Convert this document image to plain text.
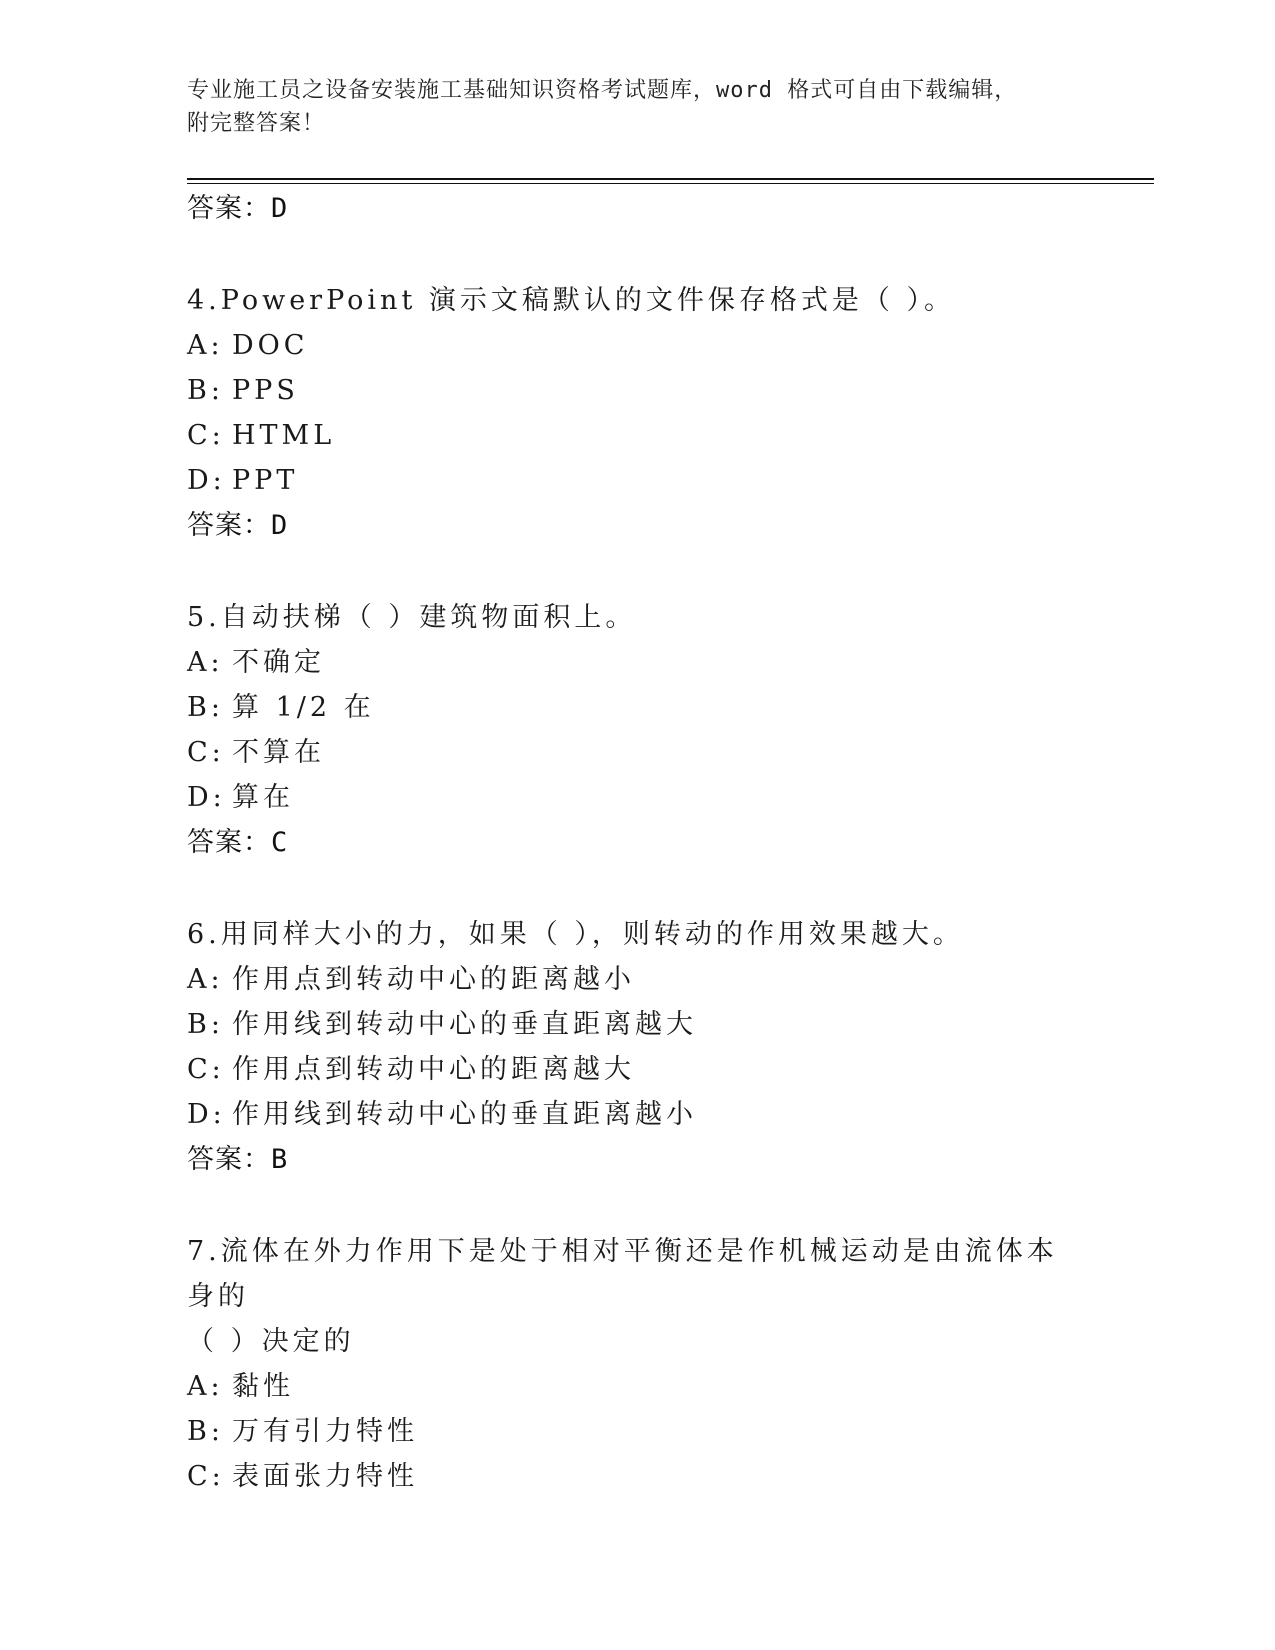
专业施工员之设备安装施工基础知识资格考试题库，word 格式可自由下载编辑，
附完整答案！
答案：D
4.PowerPoint 演示文稿默认的文件保存格式是（ ）。
A: DOC
B: PPS
C: HTML
D: PPT
答案：D
5.自动扶梯（ ）建筑物面积上。
A: 不确定
B: 算 1/2 在
C: 不算在
D: 算在
答案：C
6.用同样大小的力，如果（ ），则转动的作用效果越大。
A: 作用点到转动中心的距离越小
B: 作用线到转动中心的垂直距离越大
C: 作用点到转动中心的距离越大
D: 作用线到转动中心的垂直距离越小
答案：B
7.流体在外力作用下是处于相对平衡还是作机械运动是由流体本身的
（ ）决定的
A: 黏性
B: 万有引力特性
C: 表面张力特性
